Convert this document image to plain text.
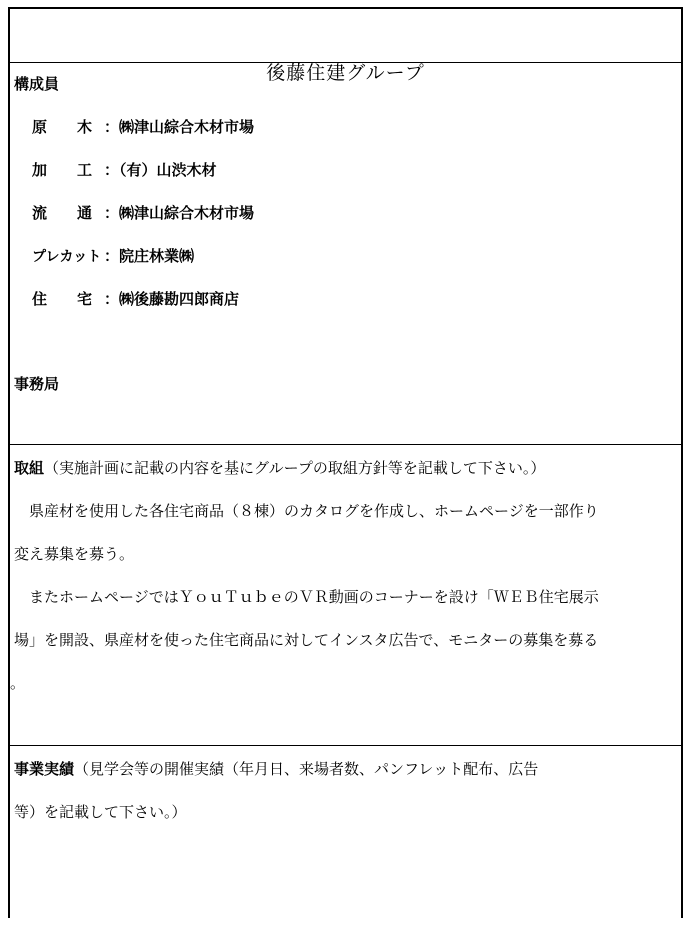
後藤住建グループ
構成員
原　　木 ：㈱津山綜合木材市場
加　　工 ：（有）山渋木材
流　　通 ：㈱津山綜合木材市場
プレカット ：院庄林業㈱
住　　宅 ：㈱後藤勘四郎商店
事務局
取組（実施計画に記載の内容を基にグループの取組方針等を記載して下さい。）
　県産材を使用した各住宅商品（８棟）のカタログを作成し、ホームページを一部作り
変え募集を募う。
　またホームページではＹｏｕＴｕｂｅのＶＲ動画のコーナーを設け「ＷＥＢ住宅展示
場」を開設、県産材を使った住宅商品に対してインスタ広告で、モニターの募集を募る
。
事業実績（見学会等の開催実績（年月日、来場者数、パンフレット配布、広告
等）を記載して下さい。）
